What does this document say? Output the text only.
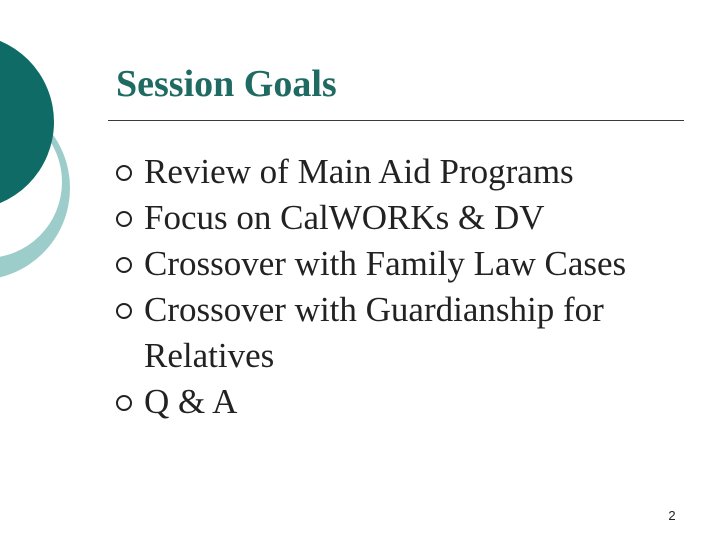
Session Goals
Review of Main Aid Programs
Focus on CalWORKs & DV
Crossover with Family Law Cases
Crossover with Guardianship for Relatives
Q & A
2
